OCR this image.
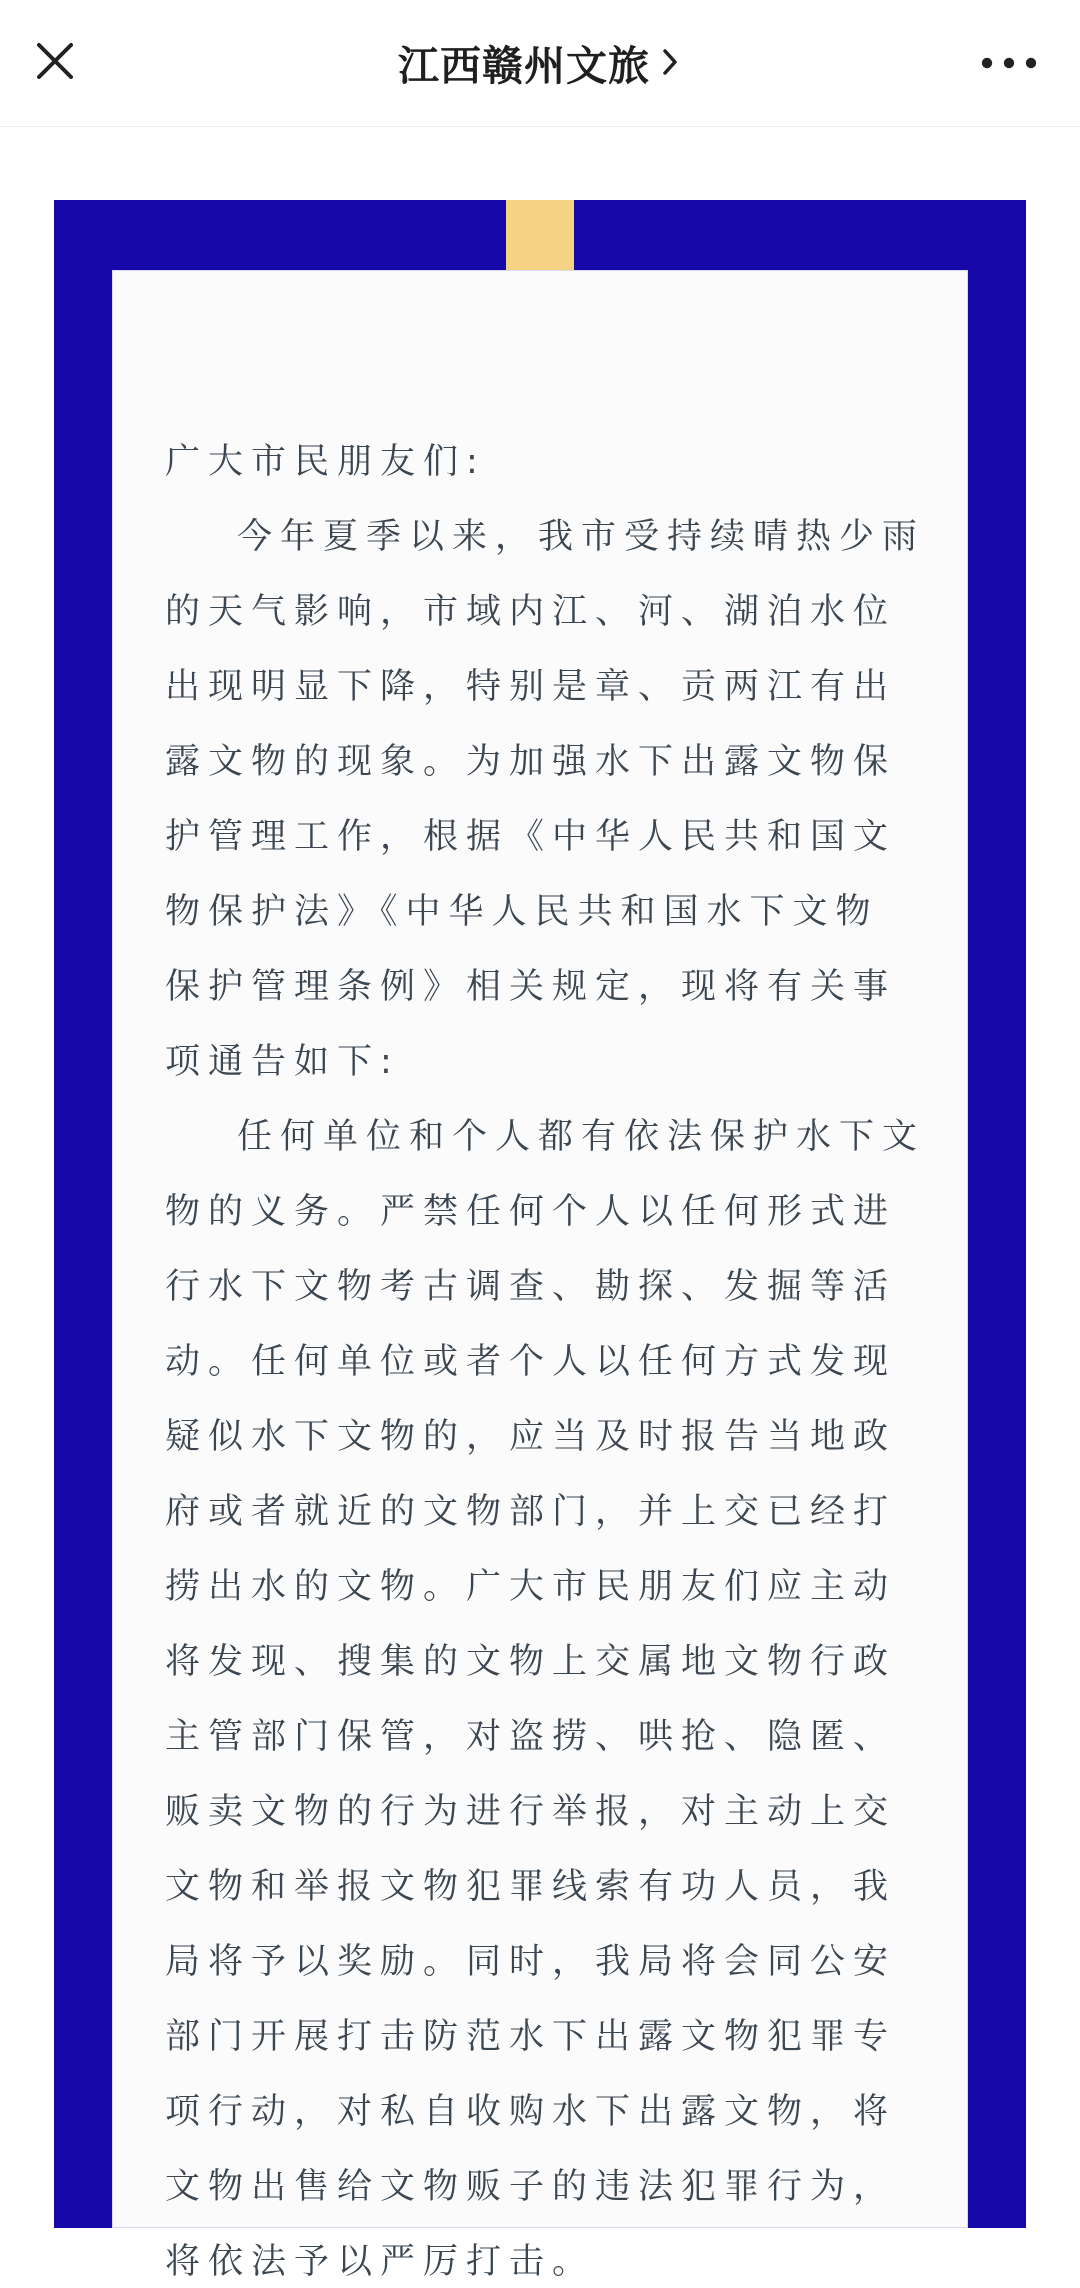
江西赣州文旅
广大市民朋友们:
今年夏季以来，我市受持续晴热少雨
的天气影响，市域内江、河、湖泊水位
出现明显下降，特别是章、贡两江有出
露文物的现象。为加强水下出露文物保
护管理工作，根据《中华人民共和国文
物保护法》《中华人民共和国水下文物
保护管理条例》相关规定，现将有关事
项通告如下:
任何单位和个人都有依法保护水下文
物的义务。严禁任何个人以任何形式进
行水下文物考古调查、勘探、发掘等活
动。任何单位或者个人以任何方式发现
疑似水下文物的，应当及时报告当地政
府或者就近的文物部门，并上交已经打
捞出水的文物。广大市民朋友们应主动
将发现、搜集的文物上交属地文物行政
主管部门保管，对盗捞、哄抢、隐匿、
贩卖文物的行为进行举报，对主动上交
文物和举报文物犯罪线索有功人员，我
局将予以奖励。同时，我局将会同公安
部门开展打击防范水下出露文物犯罪专
项行动，对私自收购水下出露文物，将
文物出售给文物贩子的违法犯罪行为，
将依法予以严厉打击。
